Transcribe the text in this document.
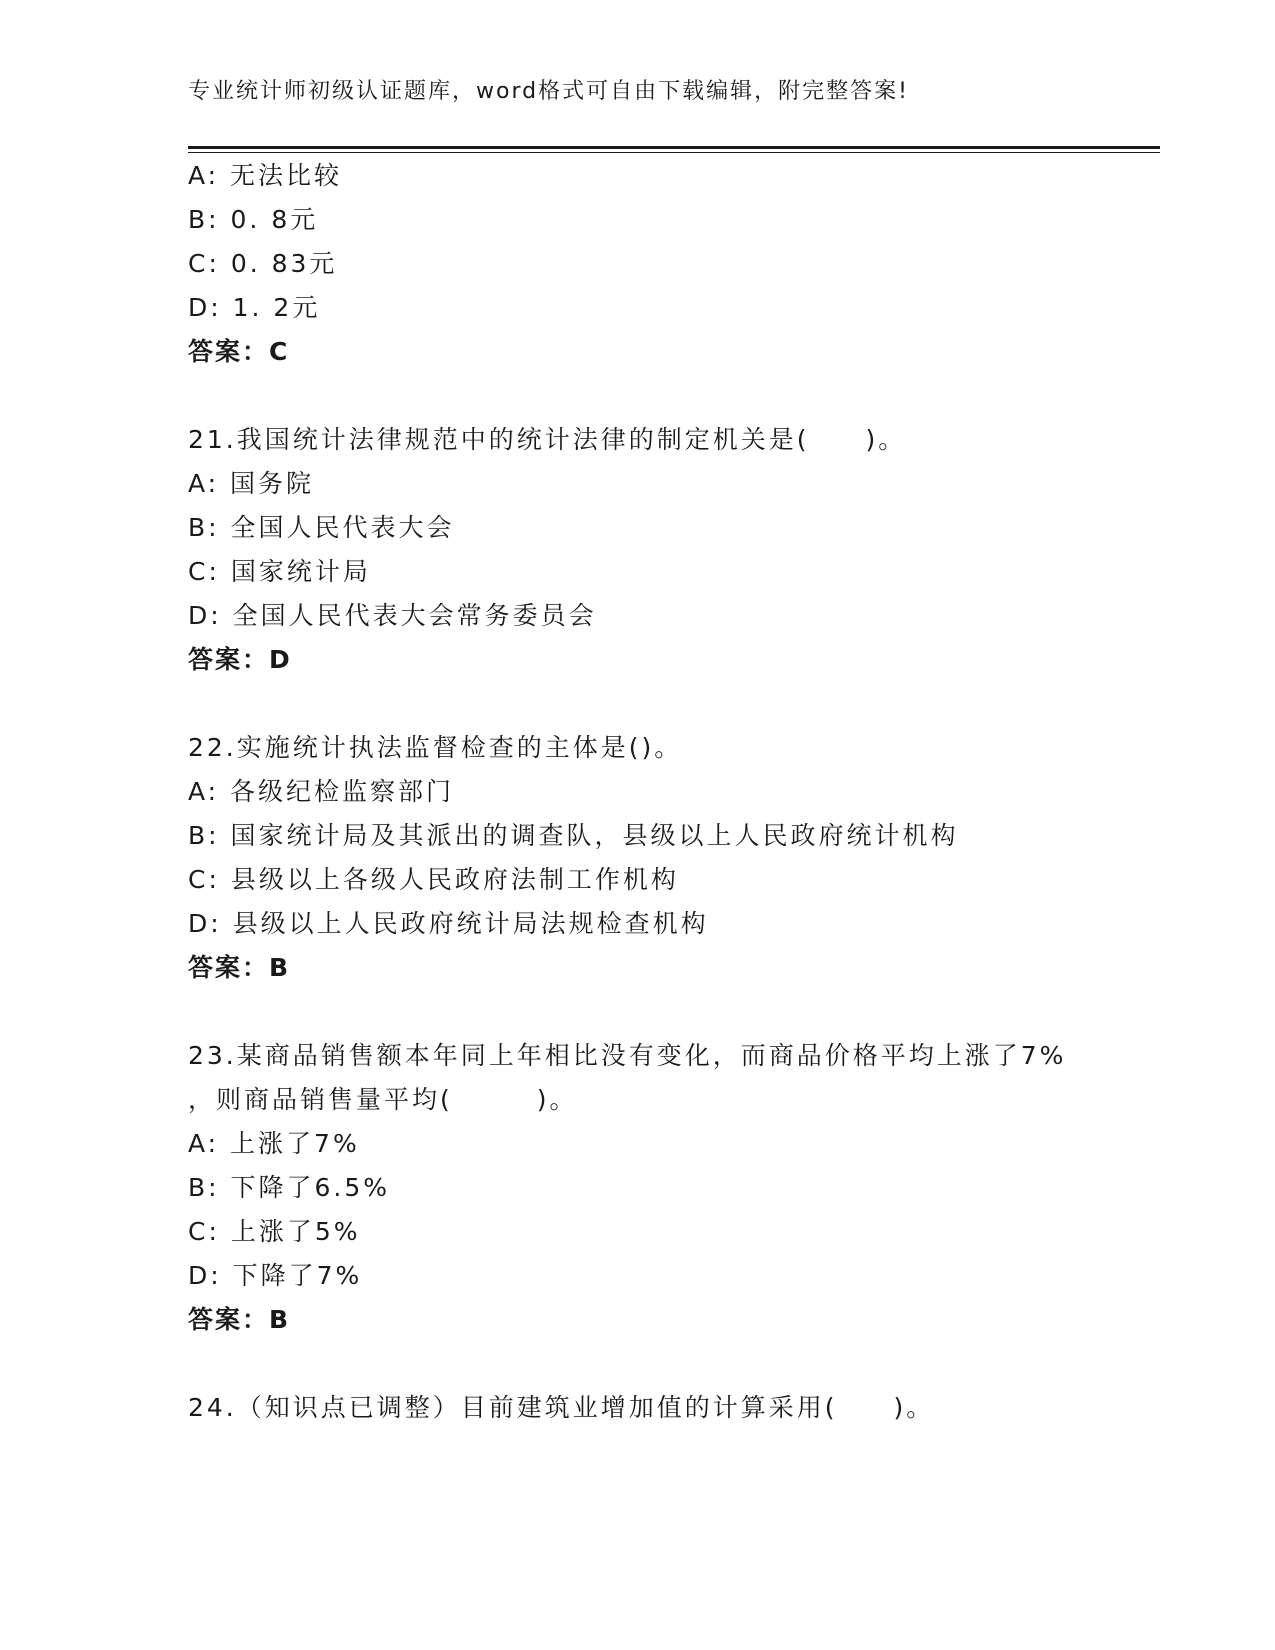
专业统计师初级认证题库，word格式可自由下载编辑，附完整答案!
A: 无法比较
B: 0. 8元
C: 0. 83元
D: 1. 2元
答案：C
21.我国统计法律规范中的统计法律的制定机关是(　　)。
A: 国务院
B: 全国人民代表大会
C: 国家统计局
D: 全国人民代表大会常务委员会
答案：D
22.实施统计执法监督检查的主体是()。
A: 各级纪检监察部门
B: 国家统计局及其派出的调查队，县级以上人民政府统计机构
C: 县级以上各级人民政府法制工作机构
D: 县级以上人民政府统计局法规检查机构
答案：B
23.某商品销售额本年同上年相比没有变化，而商品价格平均上涨了7%
，则商品销售量平均(　　　)。
A: 上涨了7%
B: 下降了6.5%
C: 上涨了5%
D: 下降了7%
答案：B
24.（知识点已调整）目前建筑业增加值的计算采用(　　)。
